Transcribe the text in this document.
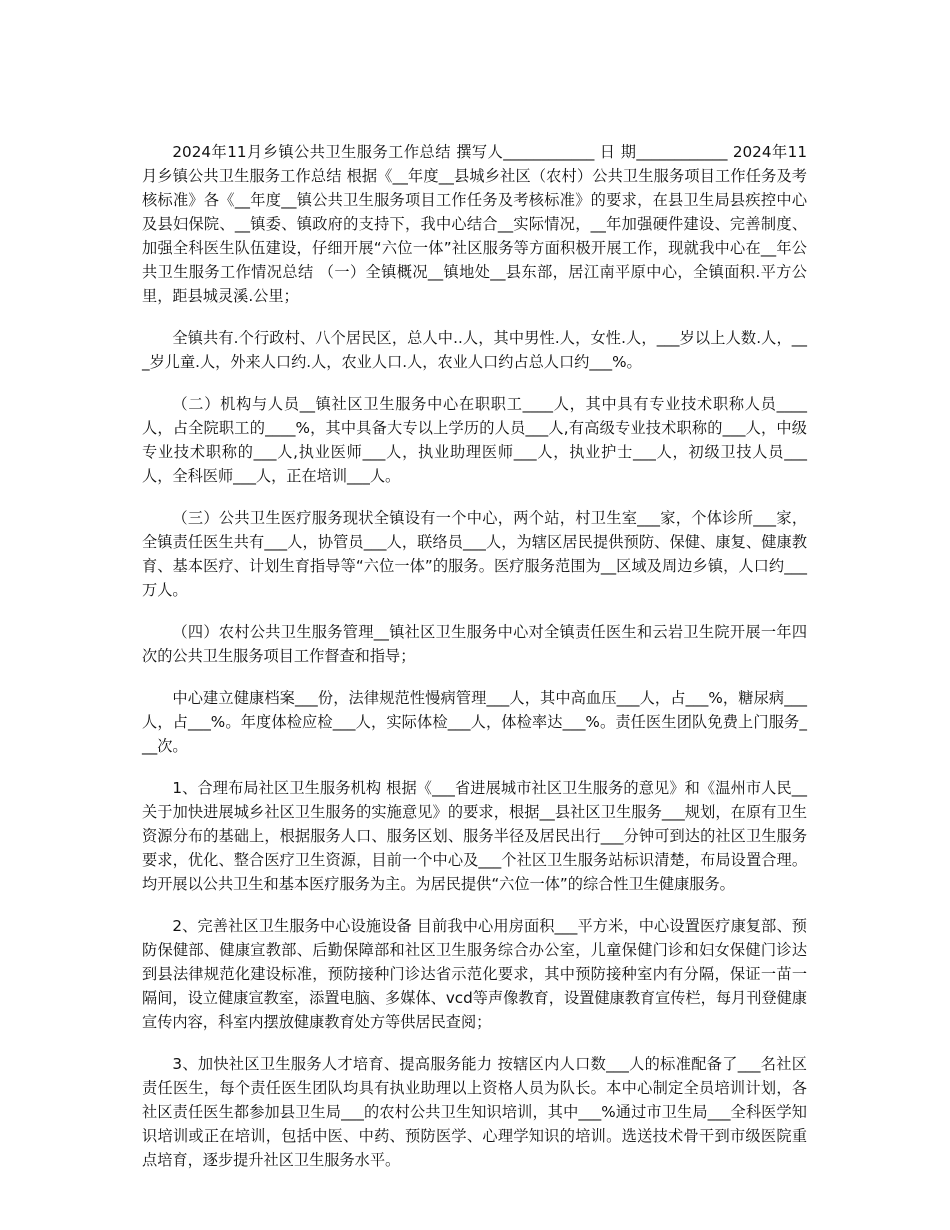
2024年11月乡镇公共卫生服务工作总结 撰写人____________ 日 期____________ 2024年11月乡镇公共卫生服务工作总结 根据《__年度__县城乡社区（农村）公共卫生服务项目工作任务及考核标准》各《__年度__镇公共卫生服务项目工作任务及考核标准》的要求，在县卫生局县疾控中心及县妇保院、__镇委、镇政府的支持下，我中心结合__实际情况，__年加强硬件建设、完善制度、加强全科医生队伍建设，仔细开展“六位一体”社区服务等方面积极开展工作，现就我中心在__年公共卫生服务工作情况总结 （一）全镇概况__镇地处__县东部，居江南平原中心，全镇面积.平方公里，距县城灵溪.公里；

全镇共有.个行政村、八个居民区，总人中..人，其中男性.人，女性.人，___岁以上人数.人，___岁儿童.人，外来人口约.人，农业人口.人，农业人口约占总人口约___%。

（二）机构与人员__镇社区卫生服务中心在职职工____人，其中具有专业技术职称人员____人，占全院职工的____%，其中具备大专以上学历的人员___人,有高级专业技术职称的___人，中级专业技术职称的___人,执业医师___人，执业助理医师___人，执业护士___人，初级卫技人员___人，全科医师___人，正在培训___人。

（三）公共卫生医疗服务现状全镇设有一个中心，两个站，村卫生室___家，个体诊所___家，全镇责任医生共有___人，协管员___人，联络员___人，为辖区居民提供预防、保健、康复、健康教育、基本医疗、计划生育指导等“六位一体”的服务。医疗服务范围为__区域及周边乡镇，人口约___万人。

（四）农村公共卫生服务管理__镇社区卫生服务中心对全镇责任医生和云岩卫生院开展一年四次的公共卫生服务项目工作督查和指导；

中心建立健康档案___份，法律规范性慢病管理___人，其中高血压___人，占___%，糖尿病___人，占___%。年度体检应检___人，实际体检___人，体检率达___%。责任医生团队免费上门服务___次。

1、合理布局社区卫生服务机构 根据《___省进展城市社区卫生服务的意见》和《温州市人民__关于加快进展城乡社区卫生服务的实施意见》的要求，根据__县社区卫生服务___规划，在原有卫生资源分布的基础上，根据服务人口、服务区划、服务半径及居民出行___分钟可到达的社区卫生服务要求，优化、整合医疗卫生资源，目前一个中心及___个社区卫生服务站标识清楚，布局设置合理。均开展以公共卫生和基本医疗服务为主。为居民提供“六位一体”的综合性卫生健康服务。

2、完善社区卫生服务中心设施设备 目前我中心用房面积___平方米，中心设置医疗康复部、预防保健部、健康宣教部、后勤保障部和社区卫生服务综合办公室，儿童保健门诊和妇女保健门诊达到县法律规范化建设标准，预防接种门诊达省示范化要求，其中预防接种室内有分隔，保证一苗一隔间，设立健康宣教室，添置电脑、多媒体、vcd等声像教育，设置健康教育宣传栏，每月刊登健康宣传内容，科室内摆放健康教育处方等供居民查阅；

3、加快社区卫生服务人才培育、提高服务能力 按辖区内人口数___人的标准配备了___名社区责任医生，每个责任医生团队均具有执业助理以上资格人员为队长。本中心制定全员培训计划，各社区责任医生都参加县卫生局___的农村公共卫生知识培训，其中___%通过市卫生局___全科医学知识培训或正在培训，包括中医、中药、预防医学、心理学知识的培训。选送技术骨干到市级医院重点培育，逐步提升社区卫生服务水平。
